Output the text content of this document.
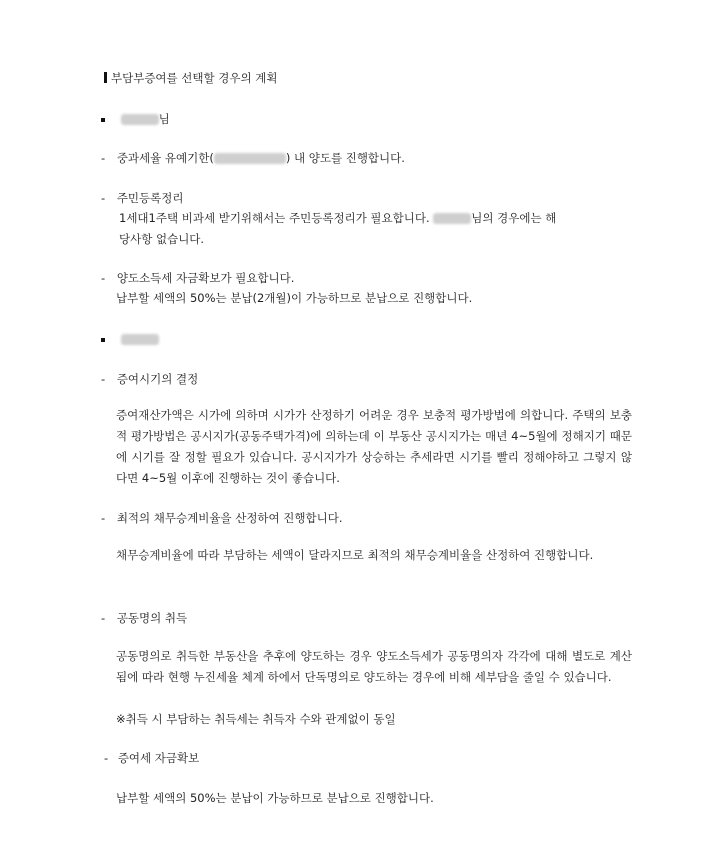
부담부증여를 선택할 경우의 계획
님
- 중과세율 유예기한(	) 내 양도를 진행합니다.
- 주민등록정리
1세대1주택 비과세 받기위해서는 주민등록정리가 필요합니다.	님의 경우에는 해
당사항 없습니다.
- 양도소득세 자금확보가 필요합니다.
납부할 세액의 50%는 분납(2개월)이 가능하므로 분납으로 진행합니다.

- 증여시기의 결정
증여재산가액은 시가에 의하며 시가가 산정하기 어려운 경우 보충적 평가방법에 의합니다. 주택의 보충적 평가방법은 공시지가(공동주택가격)에 의하는데 이 부동산 공시지가는 매년 4~5월에 정해지기 때문에 시기를 잘 정할 필요가 있습니다. 공시지가가 상승하는 추세라면 시기를 빨리 정해야하고 그렇지 않다면 4~5월 이후에 진행하는 것이 좋습니다.
- 최적의 채무승계비율을 산정하여 진행합니다.
채무승계비율에 따라 부담하는 세액이 달라지므로 최적의 채무승계비율을 산정하여 진행합니다.
- 공동명의 취득
공동명의로 취득한 부동산을 추후에 양도하는 경우 양도소득세가 공동명의자 각각에 대해 별도로 계산됨에 따라 현행 누진세율 체계 하에서 단독명의로 양도하는 경우에 비해 세부담을 줄일 수 있습니다.
※취득 시 부담하는 취득세는 취득자 수와 관계없이 동일
- 증여세 자금확보
납부할 세액의 50%는 분납이 가능하므로 분납으로 진행합니다.
